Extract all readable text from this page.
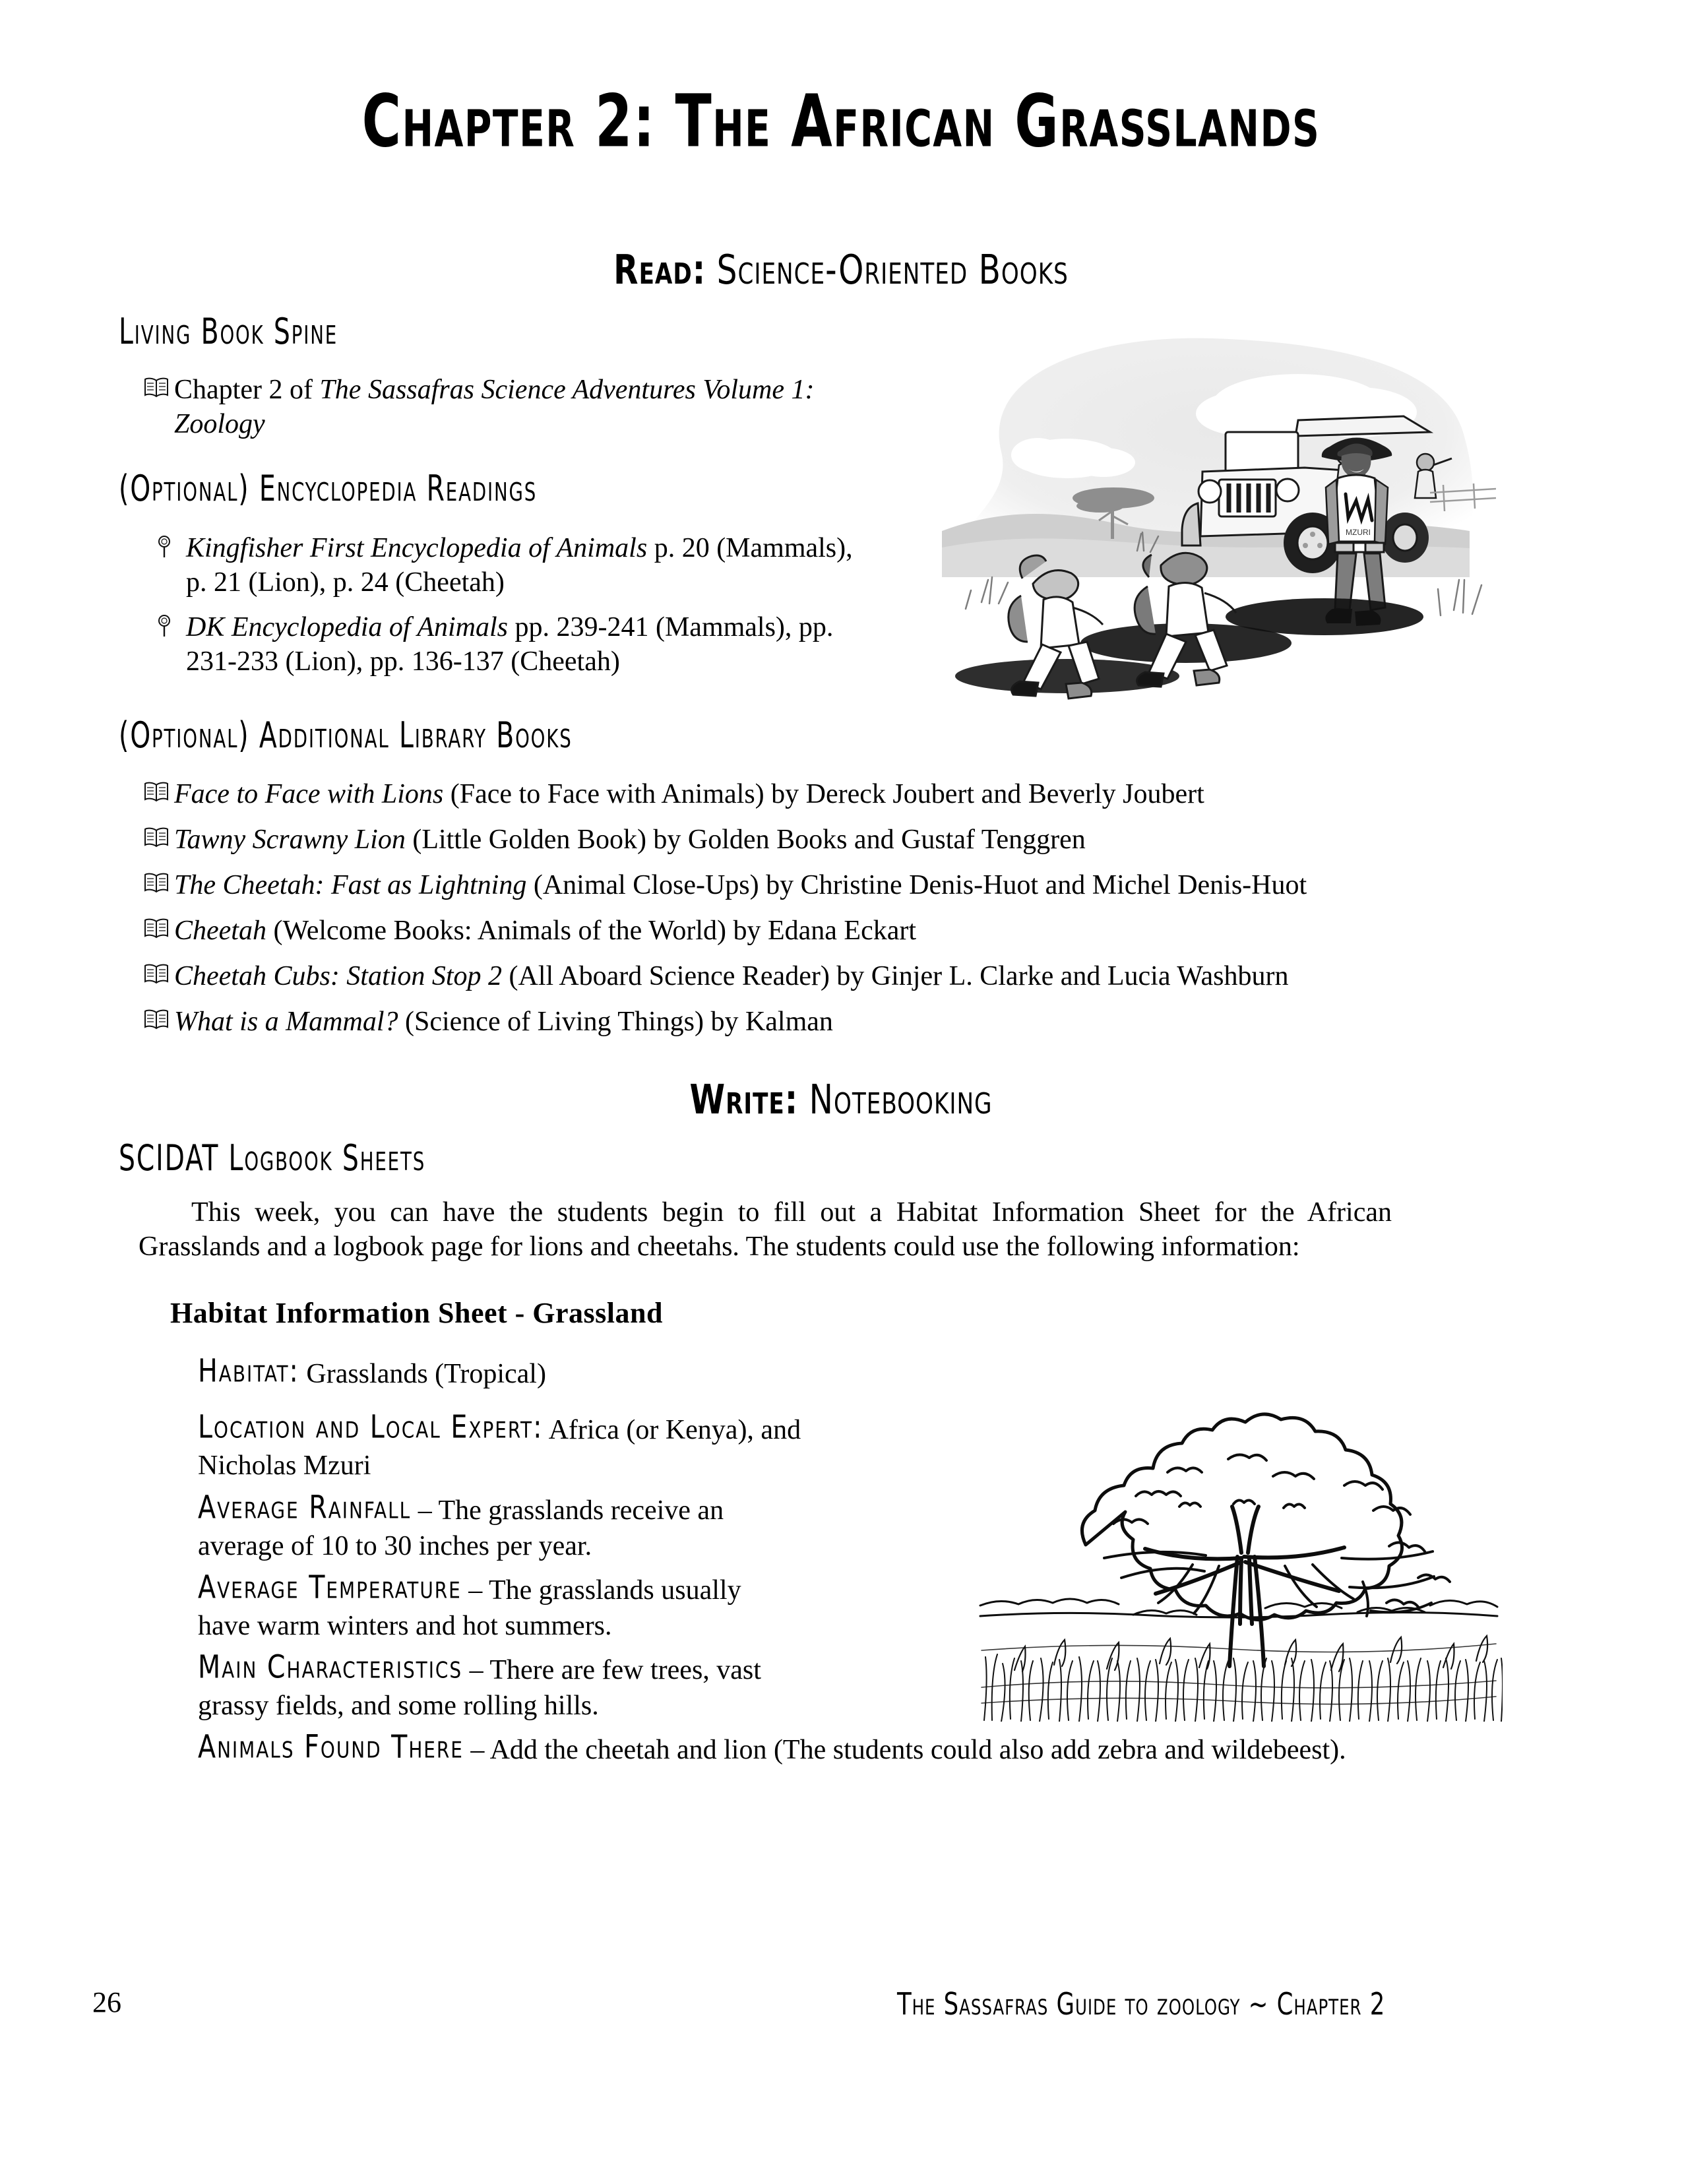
Chapter 2: The African Grasslands
Read: Science-Oriented Books
MZURI
Living Book Spine
Chapter 2 of The Sassafras Science Adventures Volume 1: Zoology
(Optional) Encyclopedia Readings
Kingfisher First Encyclopedia of Animals p. 20 (Mammals), p. 21 (Lion), p. 24 (Cheetah)
DK Encyclopedia of Animals pp. 239-241 (Mammals), pp. 231-233 (Lion), pp. 136-137 (Cheetah)
(Optional) Additional Library Books
Face to Face with Lions (Face to Face with Animals) by Dereck Joubert and Beverly Joubert
Tawny Scrawny Lion (Little Golden Book) by Golden Books and Gustaf Tenggren
The Cheetah: Fast as Lightning (Animal Close-Ups) by Christine Denis-Huot and Michel Denis-Huot
Cheetah (Welcome Books: Animals of the World) by Edana Eckart
Cheetah Cubs: Station Stop 2 (All Aboard Science Reader) by Ginjer L. Clarke and Lucia Washburn
What is a Mammal? (Science of Living Things) by Kalman
Write: Notebooking
SCIDAT Logbook Sheets
This week, you can have the students begin to fill out a Habitat Information Sheet for the African Grasslands and a logbook page for lions and cheetahs. The students could use the following information:
Habitat Information Sheet - Grassland
Habitat: Grasslands (Tropical)
Location and Local Expert: Africa (or Kenya), and Nicholas Mzuri
Average Rainfall – The grasslands receive an average of 10 to 30 inches per year.
Average Temperature – The grasslands usually have warm winters and hot summers.
Main Characteristics – There are few trees, vast grassy fields, and some rolling hills.
Animals Found There – Add the cheetah and lion (The students could also add zebra and wildebeest).
26	The Sassafras Guide to zoology ~ Chapter 2
